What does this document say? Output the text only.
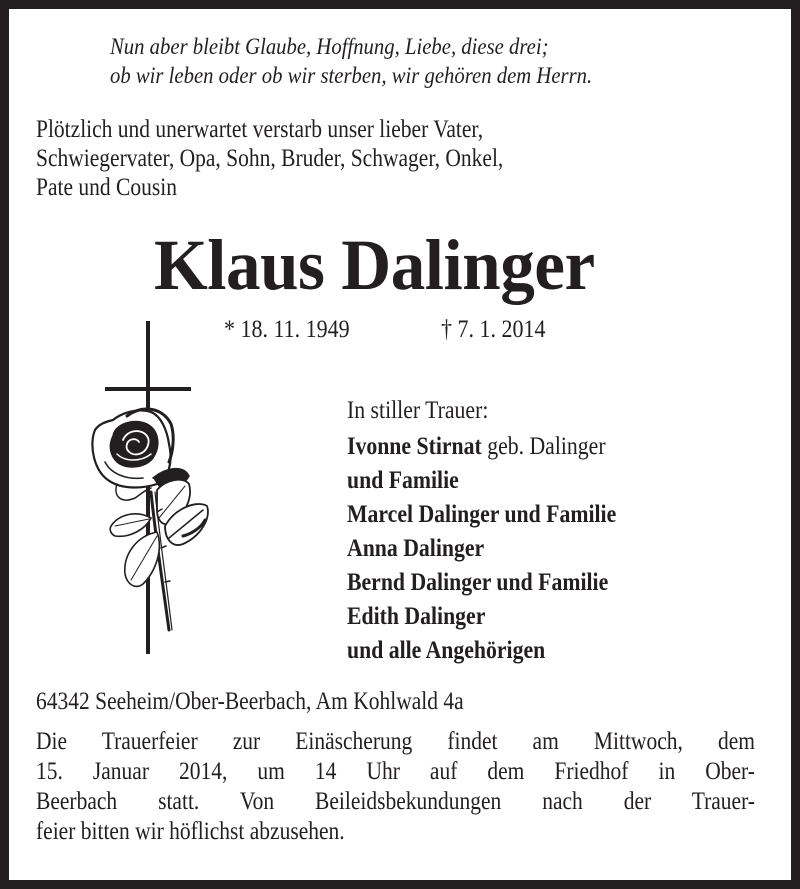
Nun aber bleibt Glaube, Hoffnung, Liebe, diese drei;
ob wir leben oder ob wir sterben, wir gehören dem Herrn.
Plötzlich und unerwartet verstarb unser lieber Vater,
Schwiegervater, Opa, Sohn, Bruder, Schwager, Onkel,
Pate und Cousin
Klaus Dalinger
* 18. 11. 1949	† 7. 1. 2014
In stiller Trauer:
Ivonne Stirnat geb. Dalinger
und Familie
Marcel Dalinger und Familie
Anna Dalinger
Bernd Dalinger und Familie
Edith Dalinger
und alle Angehörigen
64342 Seeheim/Ober-Beerbach, Am Kohlwald 4a
Die Trauerfeier zur Einäscherung findet am Mittwoch, dem
15. Januar 2014, um 14 Uhr auf dem Friedhof in Ober-
Beerbach statt. Von Beileidsbekundungen nach der Trauer-
feier bitten wir höflichst abzusehen.
